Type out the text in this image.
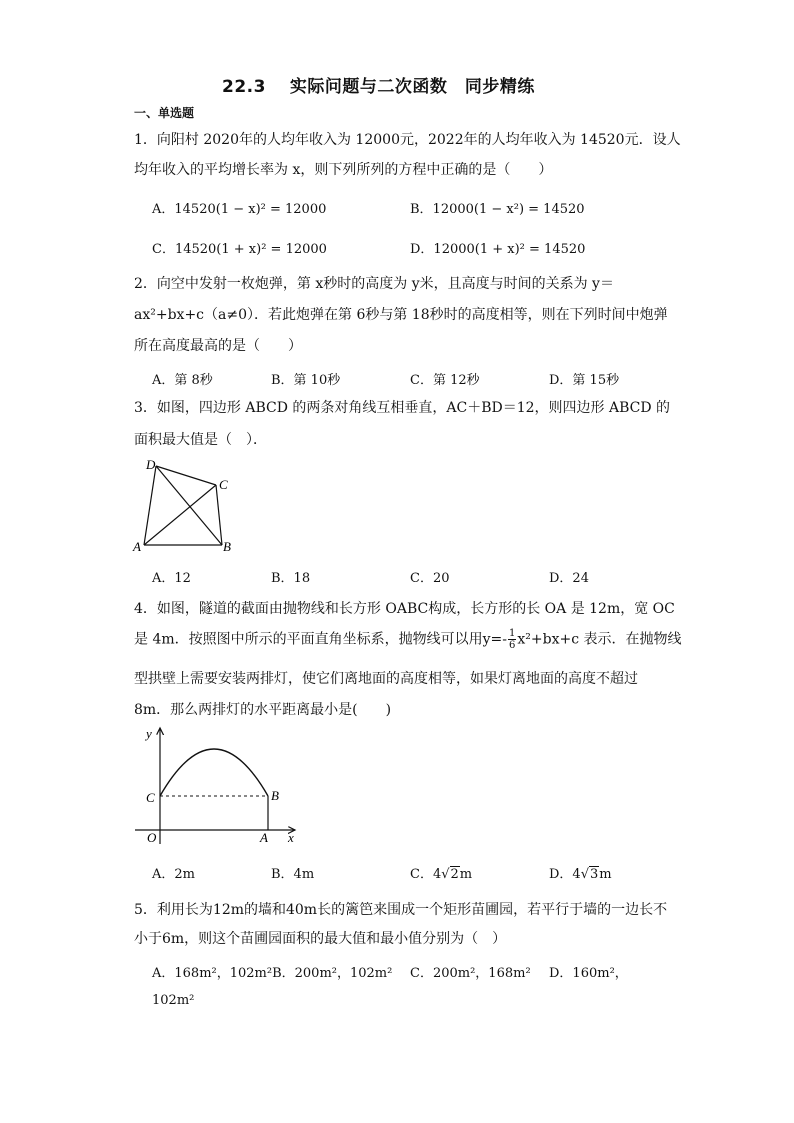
22.3　 实际问题与二次函数　同步精练
一、单选题
1．向阳村 2020年的人均年收入为 12000元，2022年的人均年收入为 14520元．设人
均年收入的平均增长率为 x，则下列所列的方程中正确的是（　　）
A．14520(1 − x)² = 12000	B．12000(1 − x²) = 14520
C．14520(1 + x)² = 12000	D．12000(1 + x)² = 14520
2．向空中发射一枚炮弹，第 x秒时的高度为 y米，且高度与时间的关系为 y＝
ax²+bx+c（a≠0）．若此炮弹在第 6秒与第 18秒时的高度相等，则在下列时间中炮弹
所在高度最高的是（　　）
A．第 8秒	B．第 10秒	C．第 12秒	D．第 15秒
3．如图，四边形 ABCD 的两条对角线互相垂直，AC＋BD＝12，则四边形 ABCD 的
面积最大值是（　）．
D
C
A	B
A．12	B．18	C．20	D．24
4．如图，隧道的截面由抛物线和长方形 OABC构成，长方形的长 OA 是 12m，宽 OC
是 4m．按照图中所示的平面直角坐标系，抛物线可以用$y=- \frac{1}{6} x^2+bx+c$ 表示．在抛物线
型拱壁上需要安装两排灯，使它们离地面的高度相等，如果灯离地面的高度不超过
8m．那么两排灯的水平距离最小是(　　)
y
x
O	A
B
C
A．2m	B．4m	C．4√2m	D．4√3m
5．利用长为12m的墙和40m长的篱笆来围成一个矩形苗圃园，若平行于墙的一边长不
小于6m，则这个苗圃园面积的最大值和最小值分别为（　）
A．168m²，102m²B．200m²，102m² C．200m²，168m² D．160m²，
102m²
